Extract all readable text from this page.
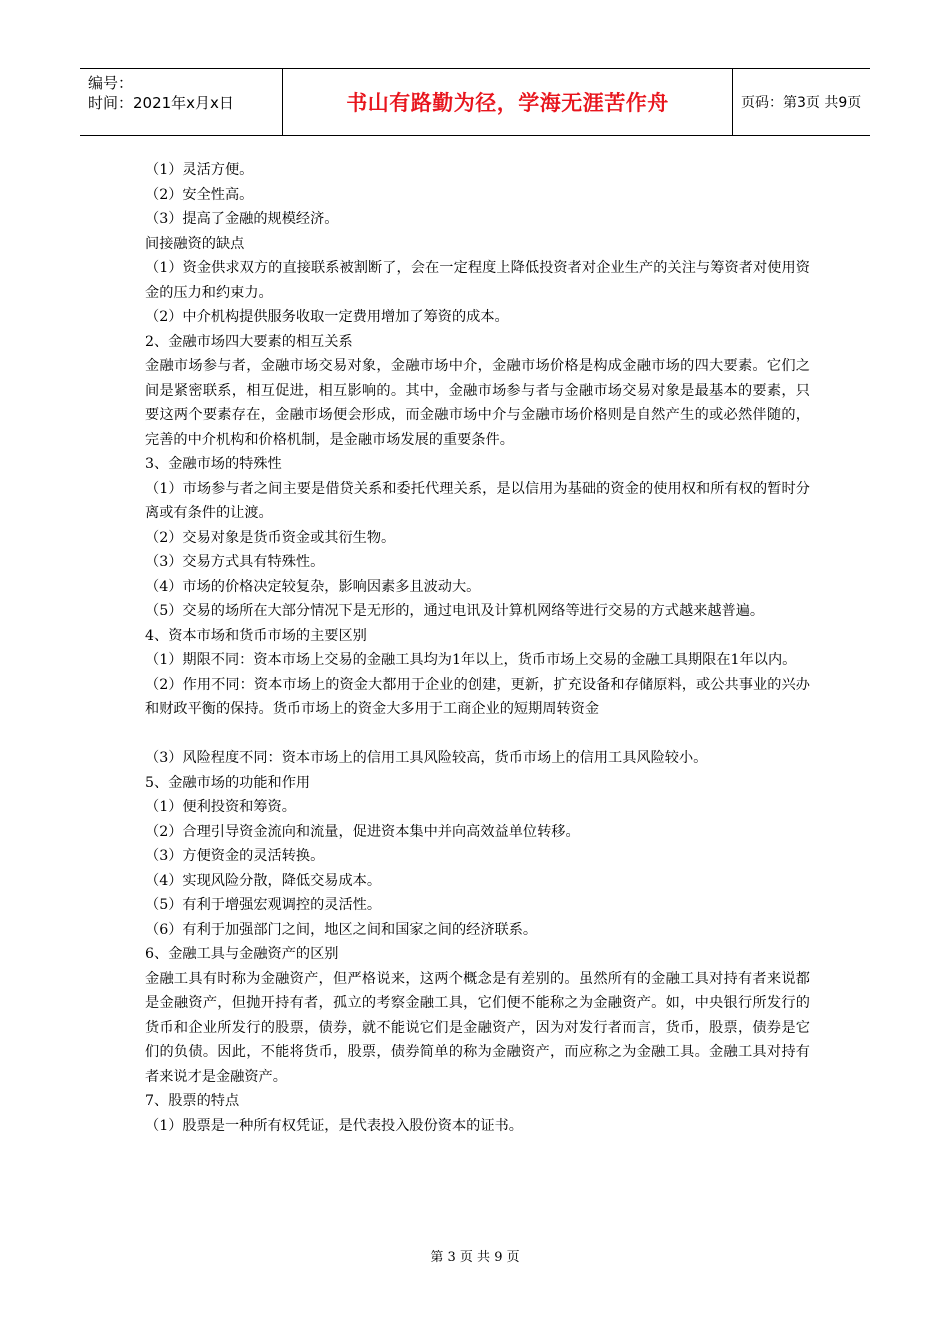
编号：
时间：2021年x月x日	书山有路勤为径，学海无涯苦作舟	页码：第3页 共9页

（1）灵活方便。

（2）安全性高。

（3）提高了金融的规模经济。

间接融资的缺点

（1）资金供求双方的直接联系被割断了，会在一定程度上降低投资者对企业生产的关注与筹资者对使用资金的压力和约束力。

（2）中介机构提供服务收取一定费用增加了筹资的成本。

2、金融市场四大要素的相互关系

金融市场参与者，金融市场交易对象，金融市场中介，金融市场价格是构成金融市场的四大要素。它们之间是紧密联系，相互促进，相互影响的。其中，金融市场参与者与金融市场交易对象是最基本的要素，只要这两个要素存在，金融市场便会形成，而金融市场中介与金融市场价格则是自然产生的或必然伴随的，完善的中介机构和价格机制，是金融市场发展的重要条件。

3、金融市场的特殊性

（1）市场参与者之间主要是借贷关系和委托代理关系，是以信用为基础的资金的使用权和所有权的暂时分离或有条件的让渡。

（2）交易对象是货币资金或其衍生物。

（3）交易方式具有特殊性。

（4）市场的价格决定较复杂，影响因素多且波动大。

（5）交易的场所在大部分情况下是无形的，通过电讯及计算机网络等进行交易的方式越来越普遍。

4、资本市场和货币市场的主要区别

（1）期限不同：资本市场上交易的金融工具均为1年以上，货币市场上交易的金融工具期限在1年以内。

（2）作用不同：资本市场上的资金大都用于企业的创建，更新，扩充设备和存储原料，或公共事业的兴办和财政平衡的保持。货币市场上的资金大多用于工商企业的短期周转资金

（3）风险程度不同：资本市场上的信用工具风险较高，货币市场上的信用工具风险较小。

5、金融市场的功能和作用

（1）便利投资和筹资。

（2）合理引导资金流向和流量，促进资本集中并向高效益单位转移。

（3）方便资金的灵活转换。

（4）实现风险分散，降低交易成本。

（5）有利于增强宏观调控的灵活性。

（6）有利于加强部门之间，地区之间和国家之间的经济联系。

6、金融工具与金融资产的区别

金融工具有时称为金融资产，但严格说来，这两个概念是有差别的。虽然所有的金融工具对持有者来说都是金融资产，但抛开持有者，孤立的考察金融工具，它们便不能称之为金融资产。如，中央银行所发行的货币和企业所发行的股票，债券，就不能说它们是金融资产，因为对发行者而言，货币，股票，债券是它们的负债。因此，不能将货币，股票，债券简单的称为金融资产，而应称之为金融工具。金融工具对持有者来说才是金融资产。

7、股票的特点

（1）股票是一种所有权凭证，是代表投入股份资本的证书。

第 3 页 共 9 页
